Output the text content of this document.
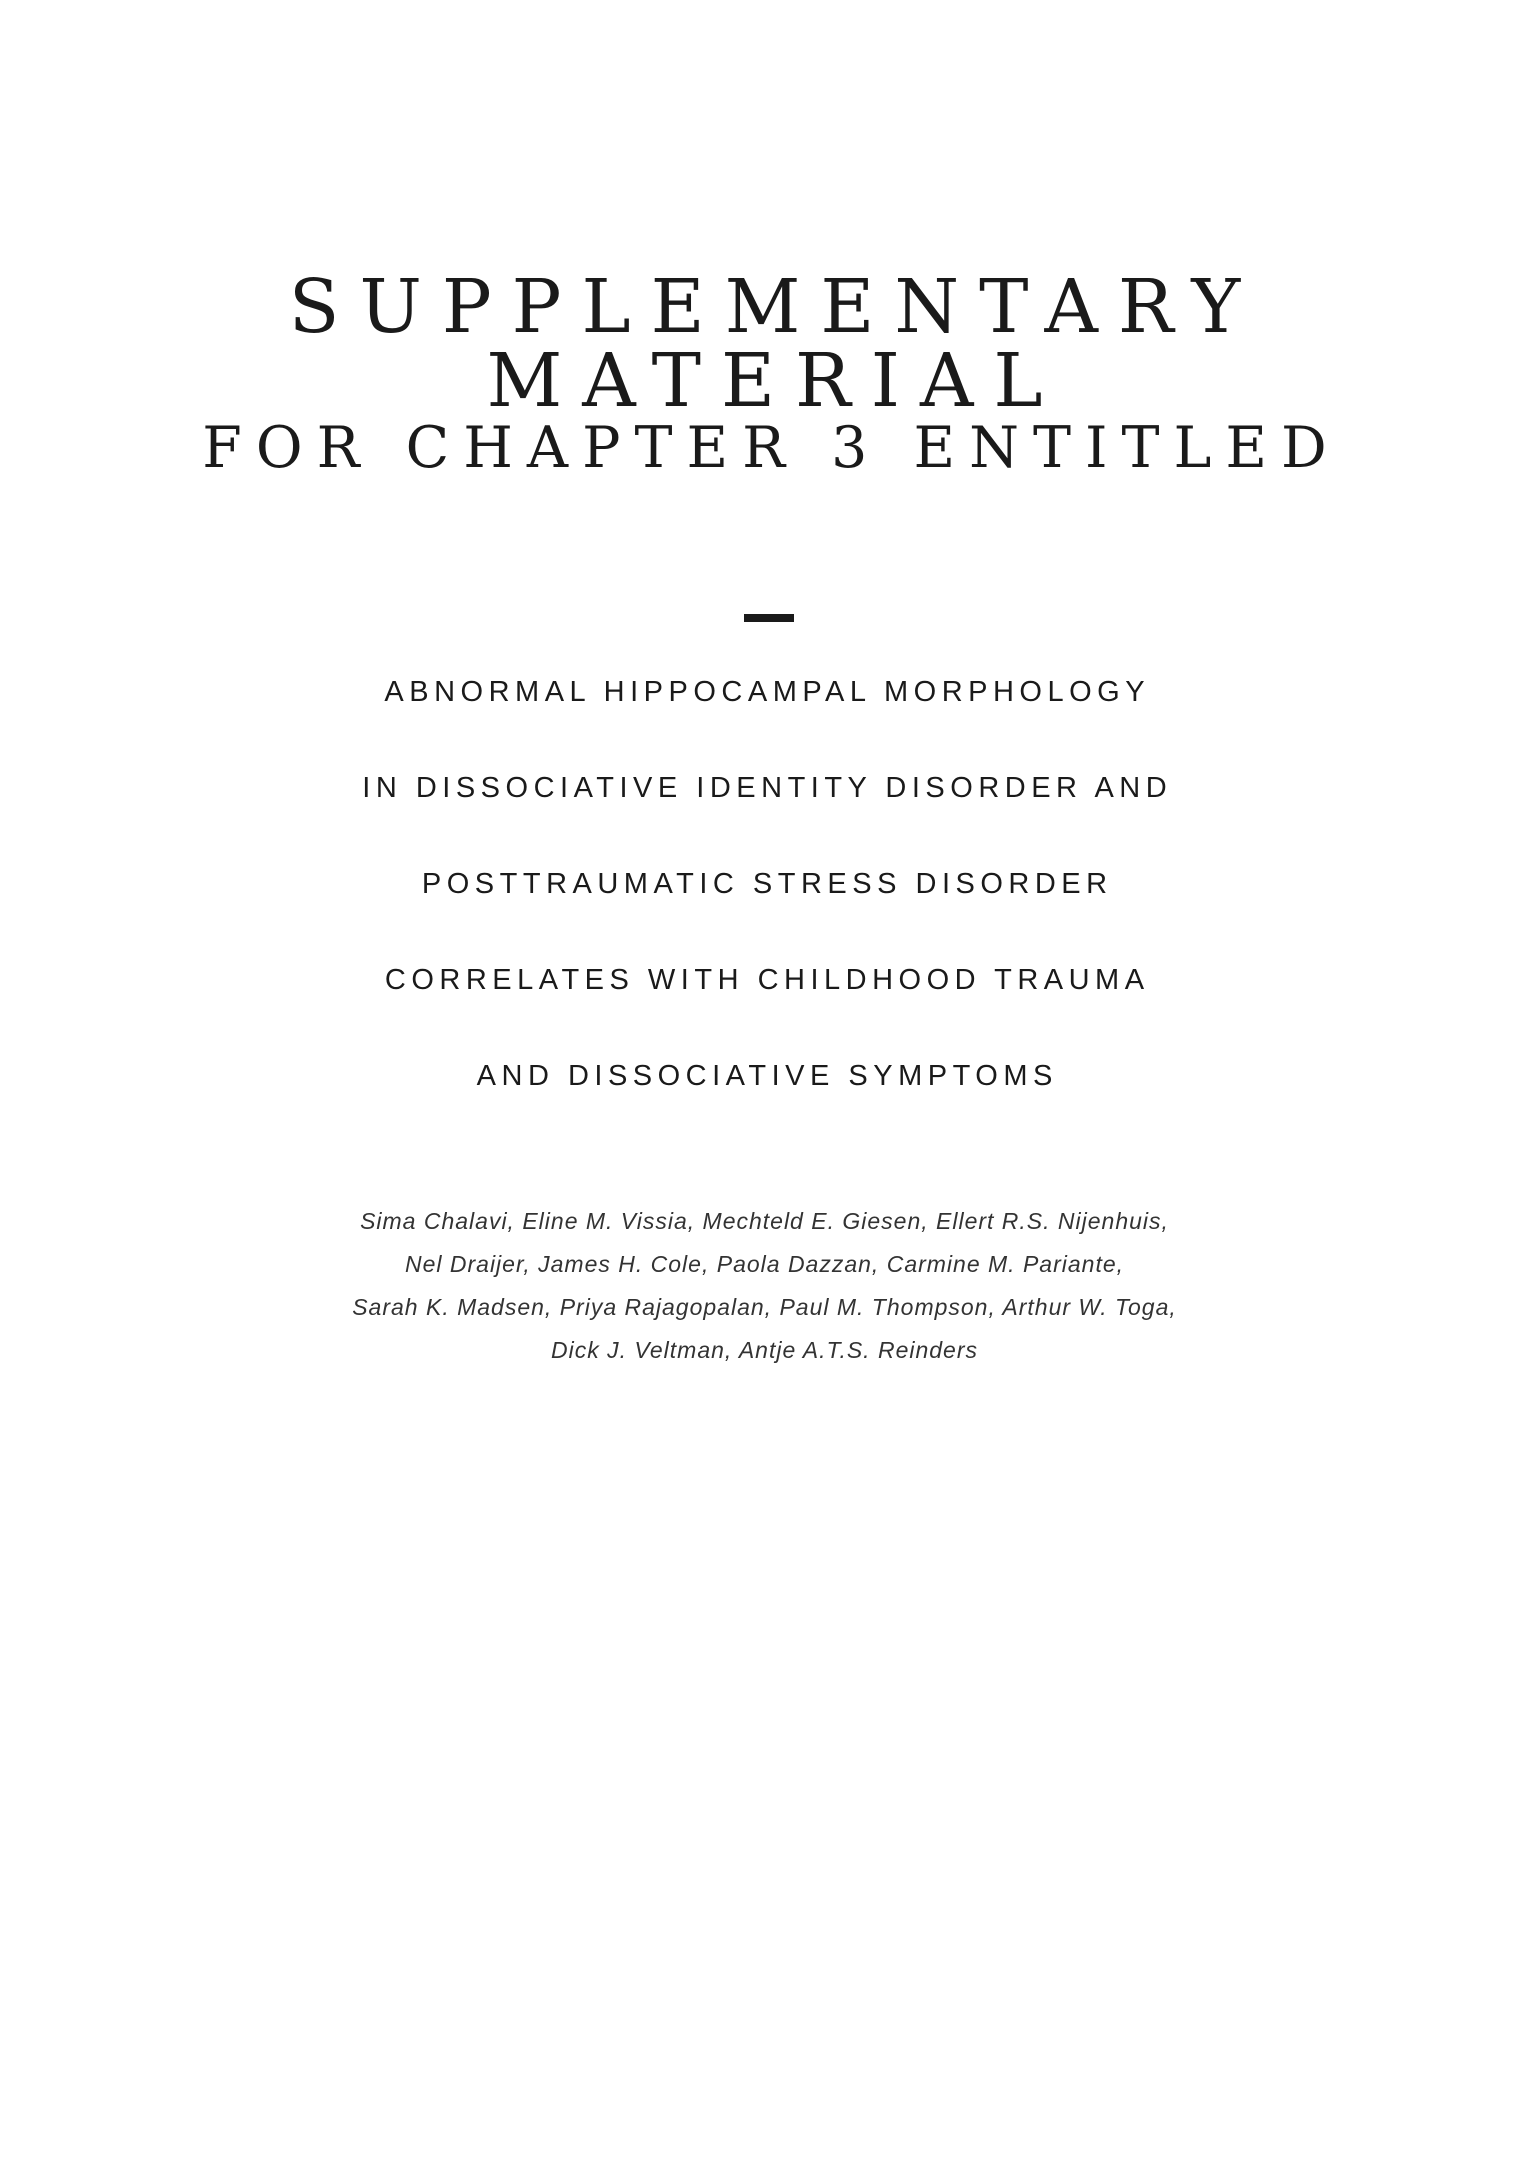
SUPPLEMENTARY MATERIAL
FOR CHAPTER 3 ENTITLED
ABNORMAL HIPPOCAMPAL MORPHOLOGY
IN DISSOCIATIVE IDENTITY DISORDER AND
POSTTRAUMATIC STRESS DISORDER
CORRELATES WITH CHILDHOOD TRAUMA
AND DISSOCIATIVE SYMPTOMS
Sima Chalavi, Eline M. Vissia, Mechteld E. Giesen, Ellert R.S. Nijenhuis,
Nel Draijer, James H. Cole, Paola Dazzan, Carmine M. Pariante,
Sarah K. Madsen, Priya Rajagopalan, Paul M. Thompson, Arthur W. Toga,
Dick J. Veltman, Antje A.T.S. Reinders
